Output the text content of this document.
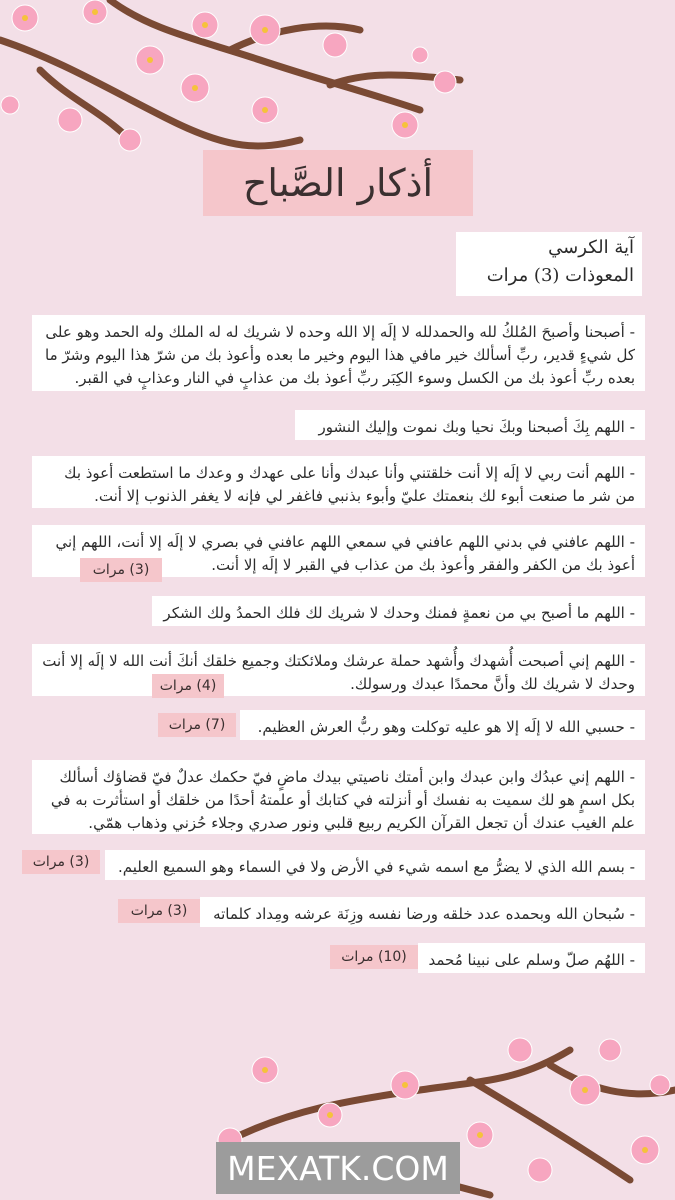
أذكار الصَّباح
آية الكرسي
المعوذات (3) مرات
- أصبحنا وأصبحَ المُلكُ لله والحمدلله لا إلَه إلا الله وحده لا شريك له له الملك وله الحمد وهو على كل شيءٍ قدير، ربِّ أسألك خير مافي هذا اليوم وخير ما بعده وأعوذ بك من شرّ هذا اليوم وشرّ ما بعده ربِّ أعوذ بك من الكسل وسوء الكِبَر ربِّ أعوذ بك من عذابٍ في النار وعذابٍ في القبر.
- اللهم بِكَ أصبحنا وبكَ نحيا وبك نموت وإليك النشور
- اللهم أنت ربي لا إلَه إلا أنت خلقتني وأنا عبدك وأنا على عهدك و وعدك ما استطعت أعوذ بك من شر ما صنعت أبوء لك بنعمتك عليّ وأبوء بذنبي فاغفر لي فإنه لا يغفر الذنوب إلا أنت.
- اللهم عافني في بدني اللهم عافني في سمعي اللهم عافني في بصري لا إلَه إلا أنت، اللهم إني أعوذ بك من الكفر والفقر وأعوذ بك من عذاب في القبر لا إلَه إلا أنت.
(3) مرات
- اللهم ما أصبح بي من نعمةٍ فمنك وحدك لا شريك لك فلك الحمدُ ولك الشكر
- اللهم إني أصبحت أُشهدك وأُشهد حملة عرشك وملائكتك وجميع خلقك أنكَ أنت الله لا إلَه إلا أنت وحدك لا شريك لك وأنَّ محمدًا عبدك ورسولك.
(4) مرات
- حسبي الله لا إلَه إلا هو عليه توكلت وهو ربُّ العرش العظيم.
(7) مرات
- اللهم إني عبدُك وابن عبدك وابن أمتك ناصيتي بيدك ماضٍ فيّ حكمك عدلٌ فيّ قضاؤك أسألك بكل اسمٍ هو لك سميت به نفسك أو أنزلته في كتابك أو علمتهُ أحدًا من خلقك أو استأثرت به في علم الغيب عندك أن تجعل القرآن الكريم ربيع قلبي ونور صدري وجلاء حُزني وذهاب همّي.
- بسم الله الذي لا يضرُّ مع اسمه شيء في الأرض ولا في السماء وهو السميع العليم.
(3) مرات
- سُبحان الله وبحمده عدد خلقه ورضا نفسه وزِنَة عرشه ومِداد كلماته
(3) مرات
- اللهُم صلّ وسلم على نبينا مُحمد
(10) مرات
MEXATK.COM
